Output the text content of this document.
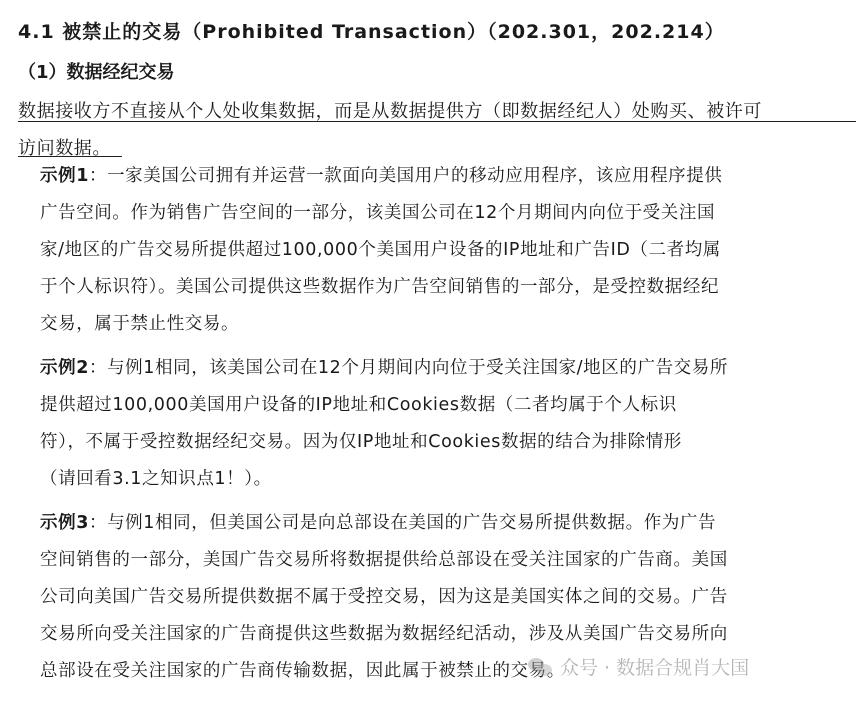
4.1 被禁止的交易（Prohibited Transaction）（202.301，202.214）
（1）数据经纪交易
数据接收方不直接从个人处收集数据，而是从数据提供方（即数据经纪人）处购买、被许可
访问数据。
示例1：一家美国公司拥有并运营一款面向美国用户的移动应用程序，该应用程序提供
广告空间。作为销售广告空间的一部分，该美国公司在12个月期间内向位于受关注国
家/地区的广告交易所提供超过100,000个美国用户设备的IP地址和广告ID（二者均属
于个人标识符）。美国公司提供这些数据作为广告空间销售的一部分，是受控数据经纪
交易，属于禁止性交易。
示例2：与例1相同，该美国公司在12个月期间内向位于受关注国家/地区的广告交易所
提供超过100,000美国用户设备的IP地址和Cookies数据（二者均属于个人标识
符），不属于受控数据经纪交易。因为仅IP地址和Cookies数据的结合为排除情形
（请回看3.1之知识点1！）。
示例3：与例1相同，但美国公司是向总部设在美国的广告交易所提供数据。作为广告
空间销售的一部分，美国广告交易所将数据提供给总部设在受关注国家的广告商。美国
公司向美国广告交易所提供数据不属于受控交易，因为这是美国实体之间的交易。广告
交易所向受关注国家的广告商提供这些数据为数据经纪活动，涉及从美国广告交易所向
总部设在受关注国家的广告商传输数据，因此属于被禁止的交易。
众号 · 数据合规肖大国
